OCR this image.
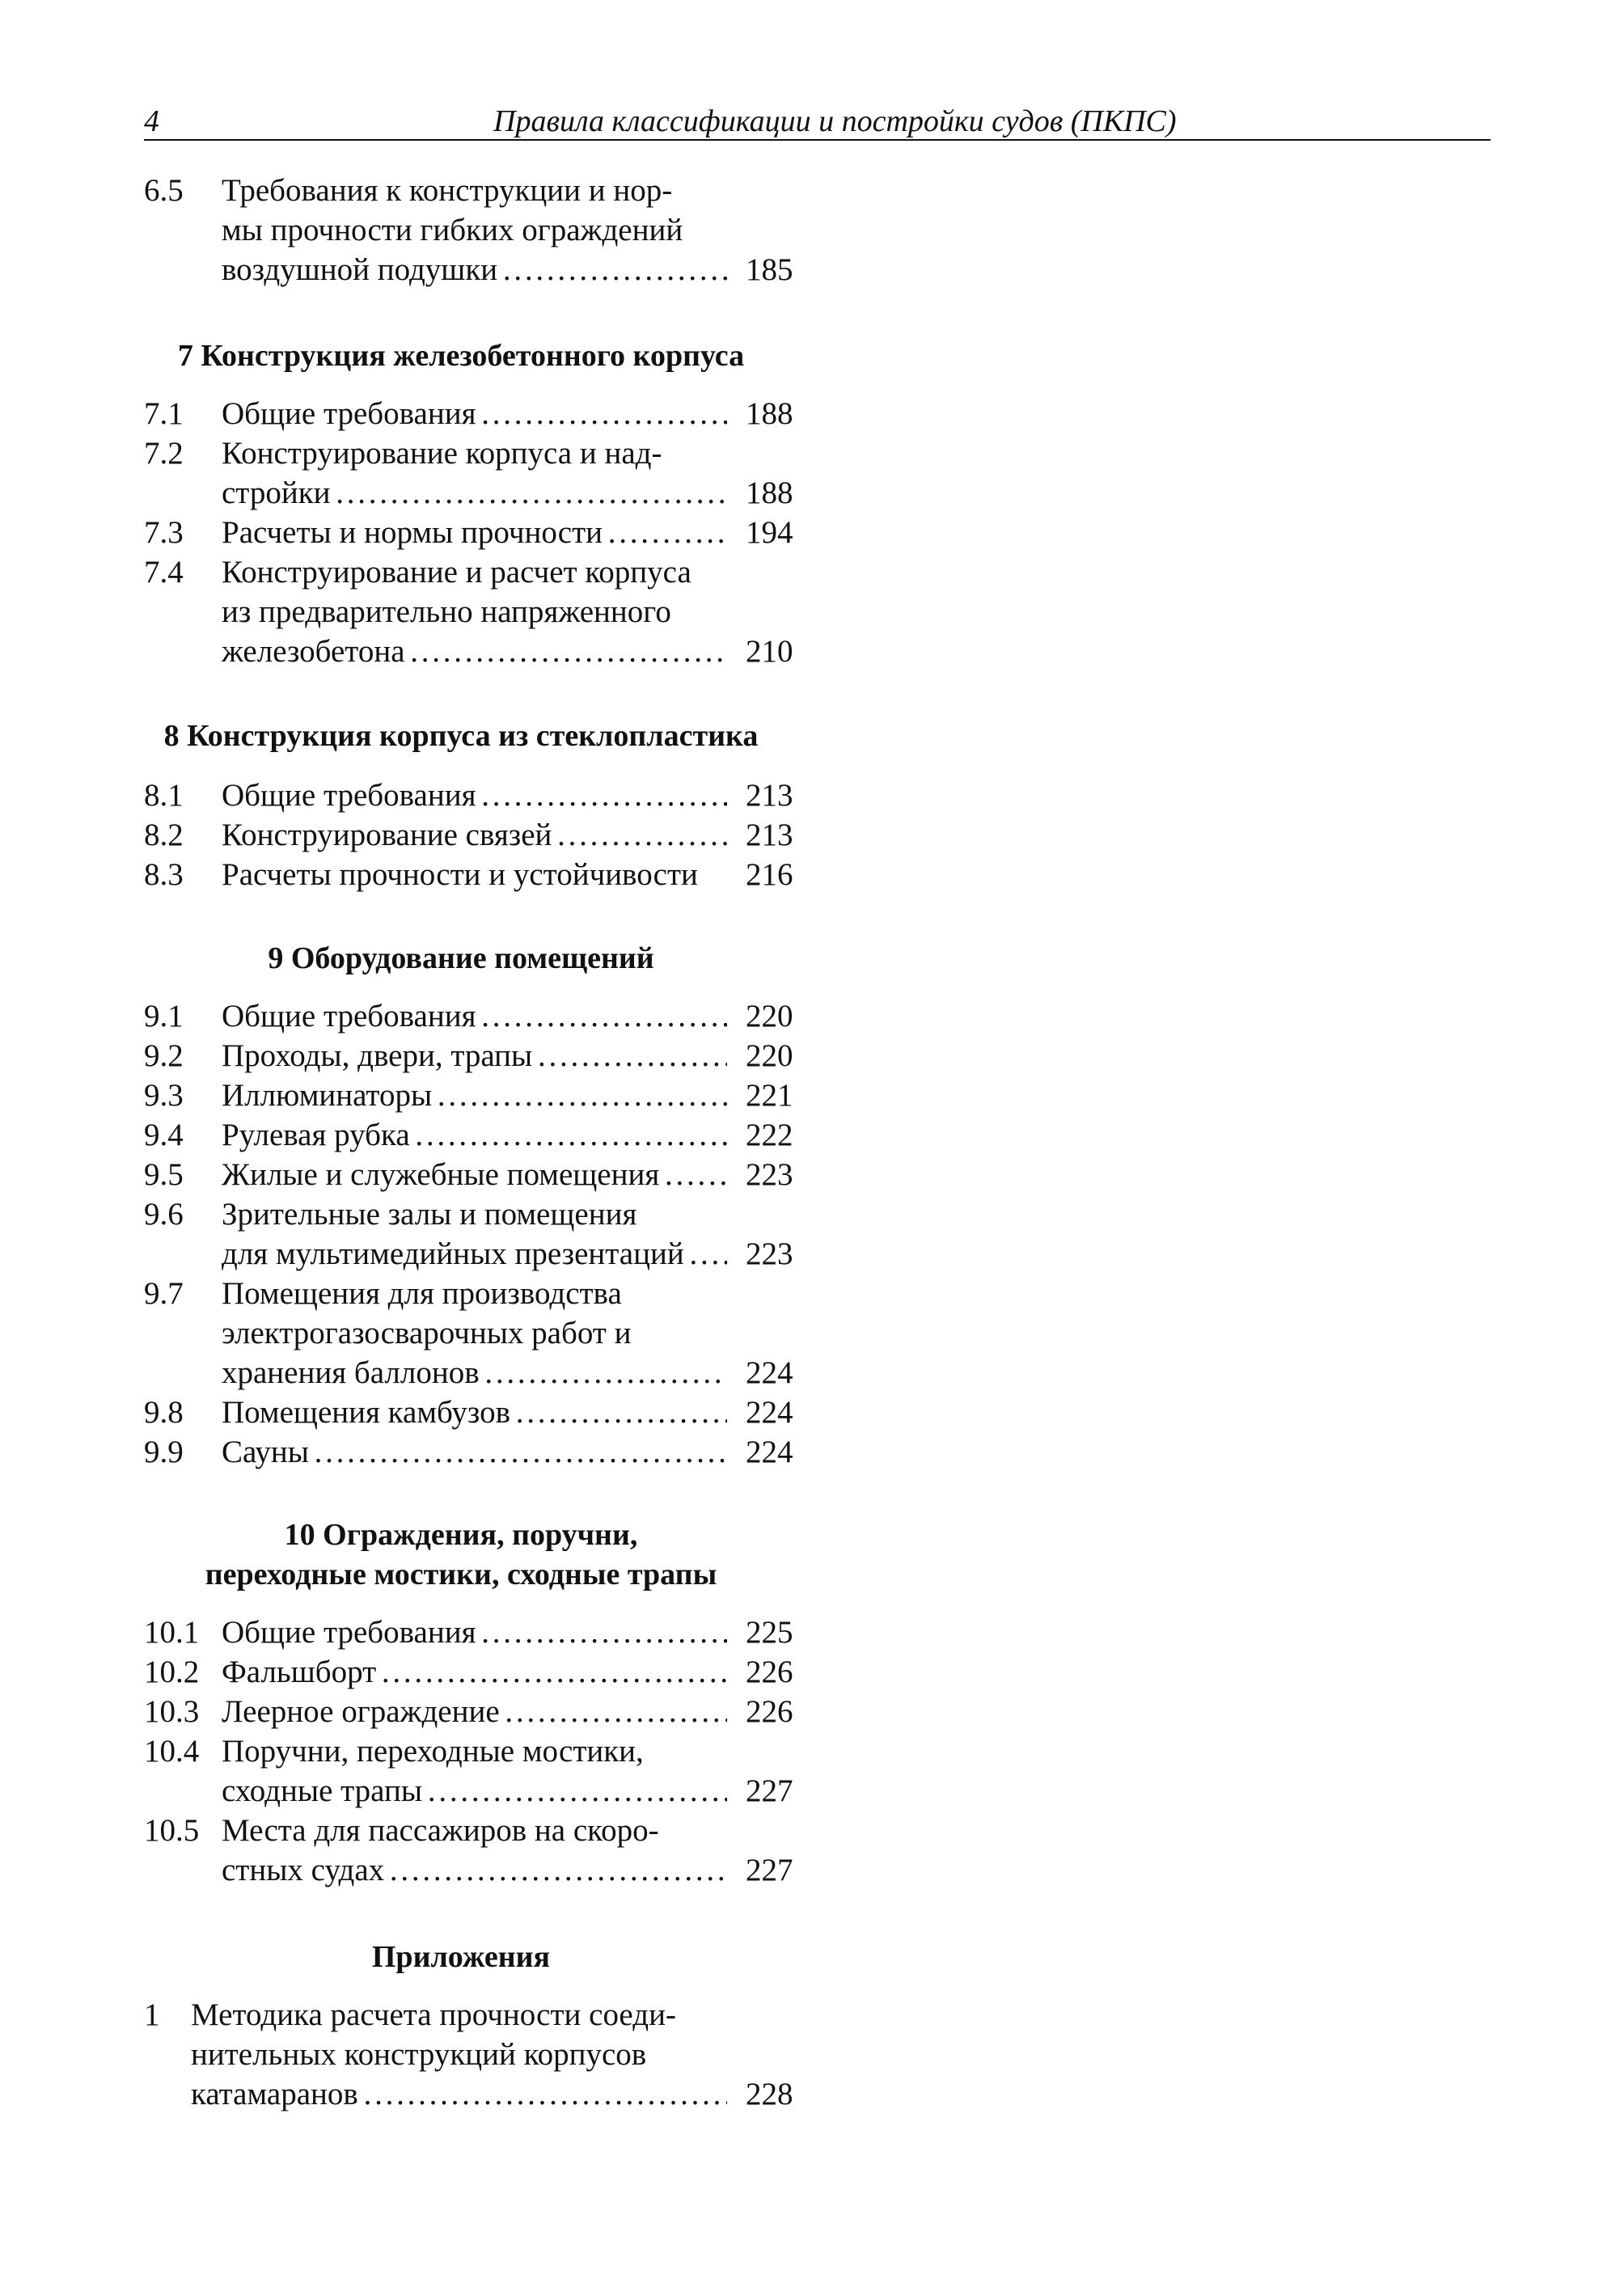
4	Правила классификации и постройки судов (ПКПС)
6.5 Требования к конструкции и нор-
мы прочности гибких ограждений
воздушной подушки . . .	185
7 Конструкция железобетонного корпуса
7.1 Общие требования . . .	188
7.2 Конструирование корпуса и над-
стройки . . .	188
7.3 Расчеты и нормы прочности . . .	194
7.4 Конструирование и расчет корпуса
из предварительно напряженного
железобетона . . .	210
8 Конструкция корпуса из стеклопластика
8.1 Общие требования . . .	213
8.2 Конструирование связей . . .	213
8.3 Расчеты прочности и устойчивости	216
9 Оборудование помещений
9.1 Общие требования . . .	220
9.2 Проходы, двери, трапы . . .	220
9.3 Иллюминаторы . . .	221
9.4 Рулевая рубка . . .	222
9.5 Жилые и служебные помещения . . .	223
9.6 Зрительные залы и помещения
для мультимедийных презентаций . . .	223
9.7 Помещения для производства
электрогазосварочных работ и
хранения баллонов . . .	224
9.8 Помещения камбузов . . .	224
9.9 Сауны . . .	224
10 Ограждения, поручни,
переходные мостики, сходные трапы
10.1 Общие требования . . .	225
10.2 Фальшборт . . .	226
10.3 Леерное ограждение . . .	226
10.4 Поручни, переходные мостики,
сходные трапы . . .	227
10.5 Места для пассажиров на скоро-
стных судах . . .	227
Приложения
1 Методика расчета прочности соеди-
нительных конструкций корпусов
катамаранов . . .	228
